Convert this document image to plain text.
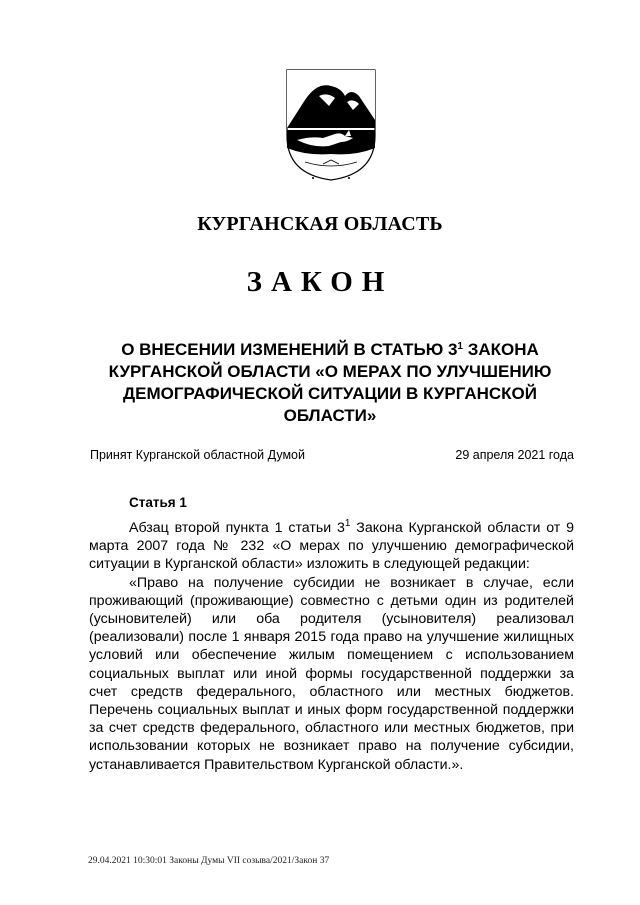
КУРГАНСКАЯ ОБЛАСТЬ
ЗАКОН
О ВНЕСЕНИИ ИЗМЕНЕНИЙ В СТАТЬЮ $3^1$ ЗАКОНА КУРГАНСКОЙ ОБЛАСТИ «О МЕРАХ ПО УЛУЧШЕНИЮ ДЕМОГРАФИЧЕСКОЙ СИТУАЦИИ В КУРГАНСКОЙ ОБЛАСТИ»
Принят Курганской областной Думой	29 апреля 2021 года
Статья 1

Абзац второй пункта 1 статьи $3^1$ Закона Курганской области от 9 марта 2007 года № 232 «О мерах по улучшению демографической ситуации в Курганской области» изложить в следующей редакции:

«Право на получение субсидии не возникает в случае, если проживающий (проживающие) совместно с детьми один из родителей (усыновителей) или оба родителя (усыновителя) реализовал (реализовали) после 1 января 2015 года право на улучшение жилищных условий или обеспечение жилым помещением с использованием социальных выплат или иной формы государственной поддержки за счет средств федерального, областного или местных бюджетов. Перечень социальных выплат и иных форм государственной поддержки за счет средств федерального, областного или местных бюджетов, при использовании которых не возникает право на получение субсидии, устанавливается Правительством Курганской области.».

29.04.2021 10:30:01 Законы Думы VII созыва/2021/Закон 37
